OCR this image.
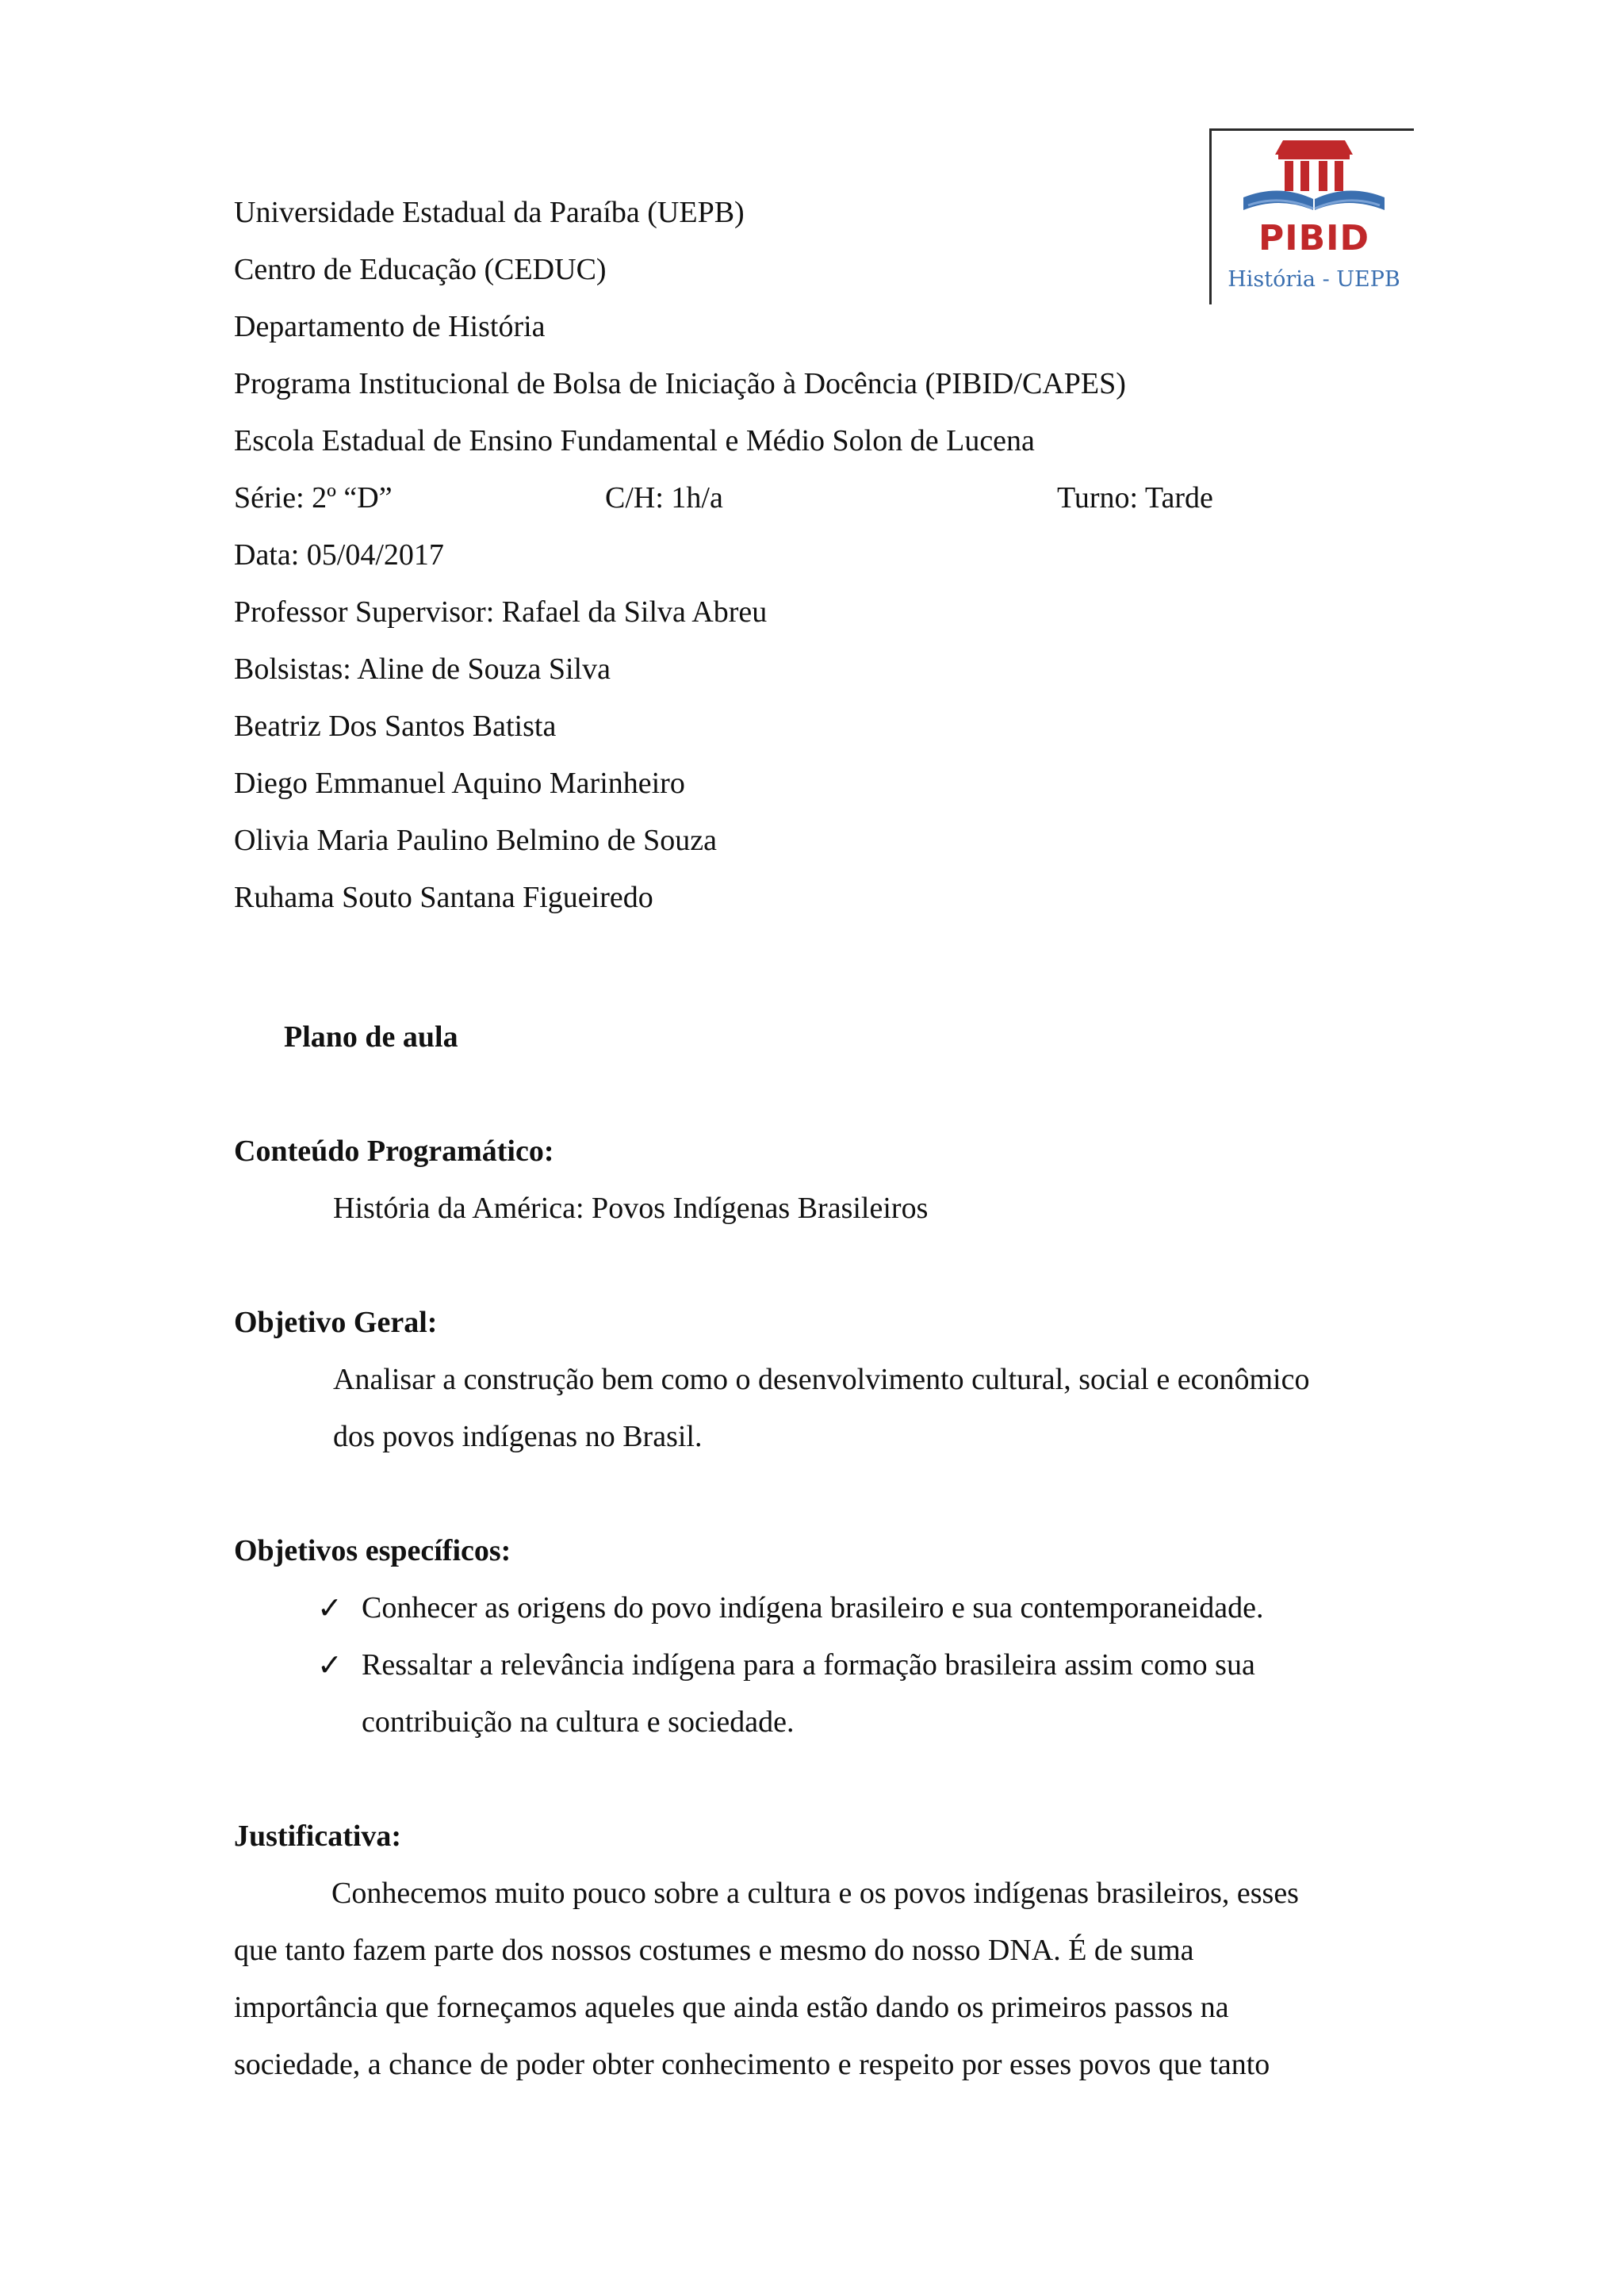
PIBID
História - UEPB
Universidade Estadual da Paraíba (UEPB)
Centro de Educação (CEDUC)
Departamento de História
Programa Institucional de Bolsa de Iniciação à Docência (PIBID/CAPES)
Escola Estadual de Ensino Fundamental e Médio Solon de Lucena
Série: 2º “D”	C/H: 1h/a	Turno: Tarde
Data: 05/04/2017
Professor Supervisor: Rafael da Silva Abreu
Bolsistas: Aline de Souza Silva
Beatriz Dos Santos Batista
Diego Emmanuel Aquino Marinheiro
Olivia Maria Paulino Belmino de Souza
Ruhama Souto Santana Figueiredo
Plano de aula
Conteúdo Programático:
História da América: Povos Indígenas Brasileiros
Objetivo Geral:
Analisar a construção bem como o desenvolvimento cultural, social e econômico
dos povos indígenas no Brasil.
Objetivos específicos:
✓ Conhecer as origens do povo indígena brasileiro e sua contemporaneidade.
✓ Ressaltar a relevância indígena para a formação brasileira assim como sua
contribuição na cultura e sociedade.
Justificativa:
Conhecemos muito pouco sobre a cultura e os povos indígenas brasileiros, esses
que tanto fazem parte dos nossos costumes e mesmo do nosso DNA. É de suma
importância que forneçamos aqueles que ainda estão dando os primeiros passos na
sociedade, a chance de poder obter conhecimento e respeito por esses povos que tanto
